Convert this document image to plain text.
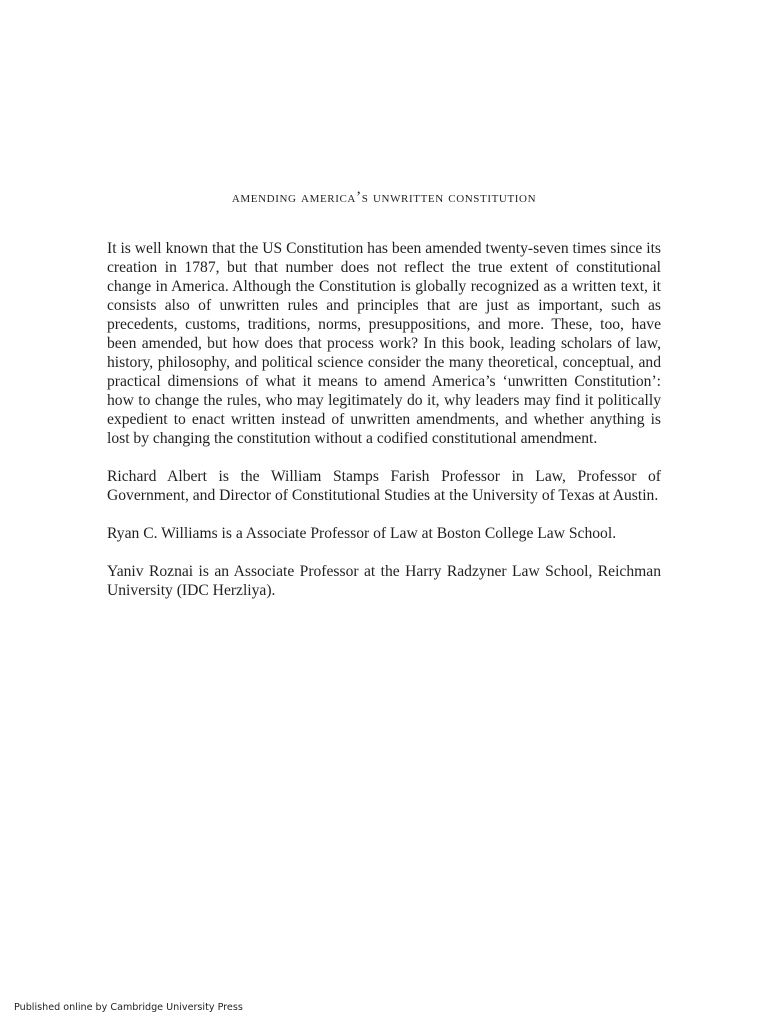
amending america’s unwritten constitution

It is well known that the US Constitution has been amended twenty-seven times since its creation in 1787, but that number does not reflect the true extent of constitutional change in America. Although the Constitution is globally recognized as a written text, it consists also of unwritten rules and principles that are just as important, such as precedents, customs, traditions, norms, presuppositions, and more. These, too, have been amended, but how does that process work? In this book, leading scholars of law, history, philosophy, and political science consider the many theoretical, conceptual, and practical dimensions of what it means to amend America’s ‘unwritten Constitution’: how to change the rules, who may legitimately do it, why leaders may find it politically expedient to enact written instead of unwritten amendments, and whether anything is lost by changing the constitution without a codified constitutional amendment.

Richard Albert is the William Stamps Farish Professor in Law, Professor of Government, and Director of Constitutional Studies at the University of Texas at Austin.

Ryan C. Williams is a Associate Professor of Law at Boston College Law School.

Yaniv Roznai is an Associate Professor at the Harry Radzyner Law School, Reichman University (IDC Herzliya).

Published online by Cambridge University Press
